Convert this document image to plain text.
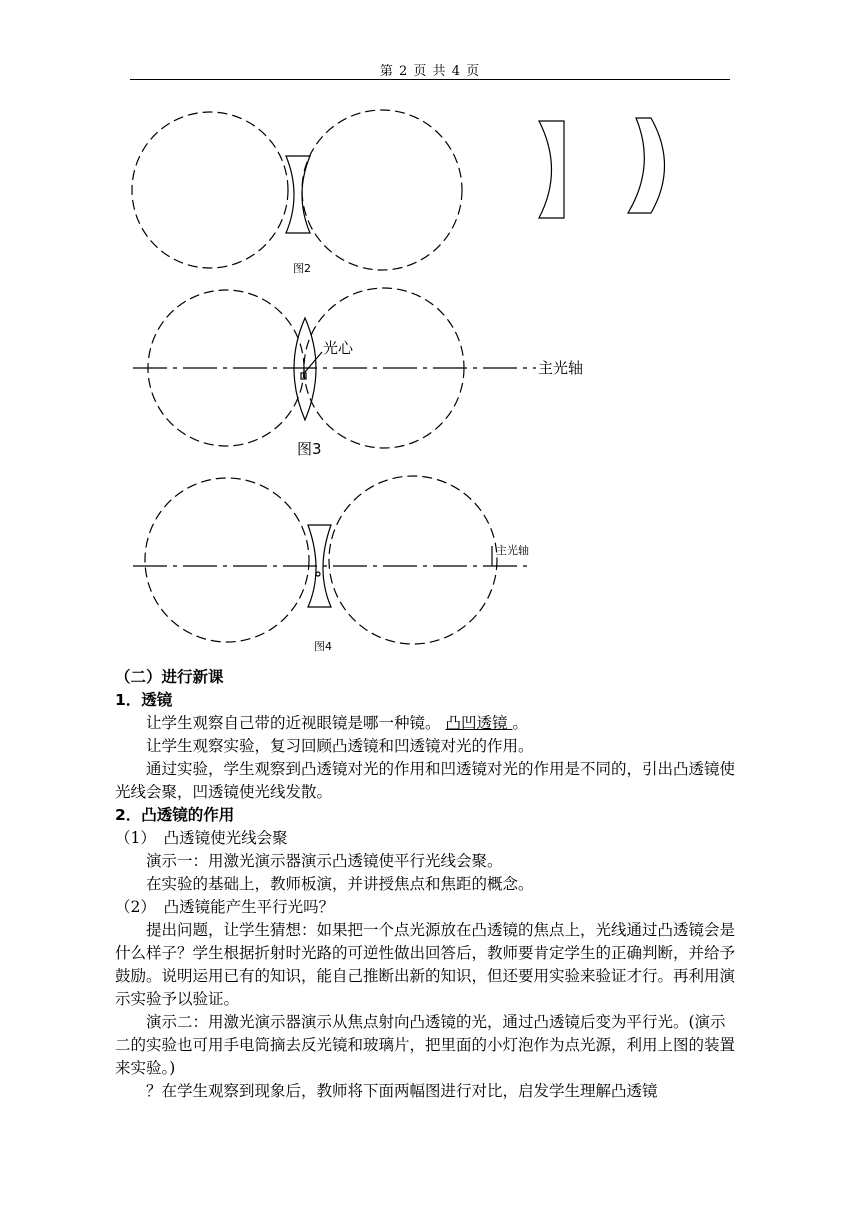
第 2 页 共 4 页
图2
光心
主光轴
图3
主光轴
图4

（二）进行新课

1．透镜

让学生观察自己带的近视眼镜是哪一种镜。 凸凹透镜 。

让学生观察实验，复习回顾凸透镜和凹透镜对光的作用。

通过实验，学生观察到凸透镜对光的作用和凹透镜对光的作用是不同的，引出凸透镜使光线会聚，凹透镜使光线发散。

2．凸透镜的作用

（1）　凸透镜使光线会聚

演示一：用激光演示器演示凸透镜使平行光线会聚。

在实验的基础上，教师板演，并讲授焦点和焦距的概念。

（2）　凸透镜能产生平行光吗？

提出问题，让学生猜想：如果把一个点光源放在凸透镜的焦点上，光线通过凸透镜会是什么样子？学生根据折射时光路的可逆性做出回答后，教师要肯定学生的正确判断，并给予鼓励。说明运用已有的知识，能自己推断出新的知识，但还要用实验来验证才行。再利用演示实验予以验证。

演示二：用激光演示器演示从焦点射向凸透镜的光，通过凸透镜后变为平行光。(演示二的实验也可用手电筒摘去反光镜和玻璃片，把里面的小灯泡作为点光源，利用上图的装置来实验。)

？在学生观察到现象后，教师将下面两幅图进行对比，启发学生理解凸透镜
